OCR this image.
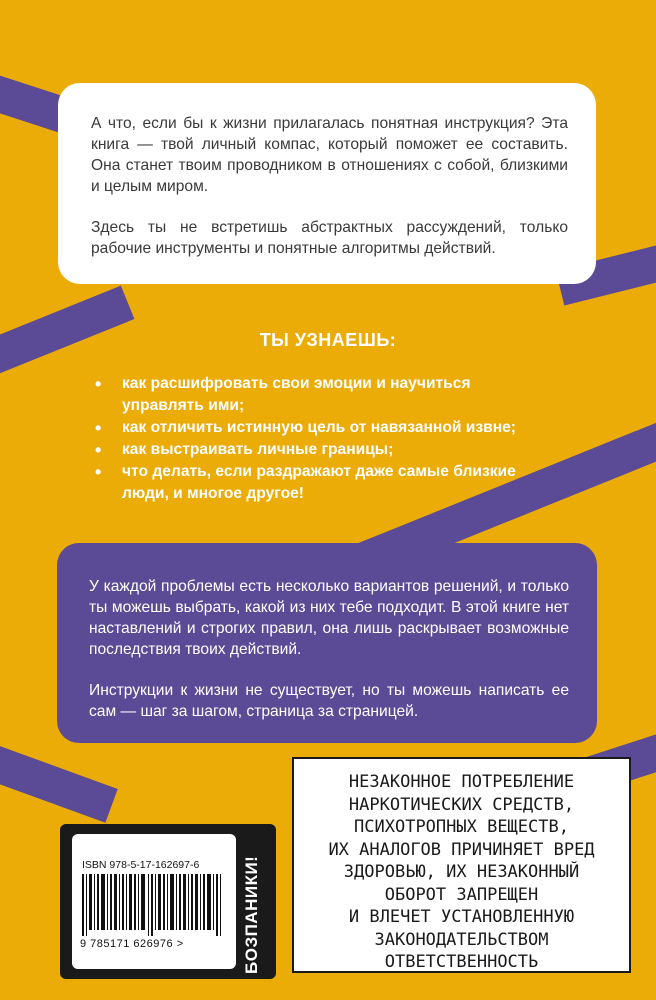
А что, если бы к жизни прилагалась понятная инструкция? Эта книга — твой личный компас, который поможет ее составить. Она станет твоим проводником в отношениях с собой, близкими и целым миром.

Здесь ты не встретишь абстрактных рассуждений, только рабочие инструменты и понятные алгоритмы действий.

ТЫ УЗНАЕШЬ:
• как расшифровать свои эмоции и научиться управлять ими;
• как отличить истинную цель от навязанной извне;
• как выстраивать личные границы;
• что делать, если раздражают даже самые близкие люди, и многое другое!

У каждой проблемы есть несколько вариантов решений, и только ты можешь выбрать, какой из них тебе подходит. В этой книге нет наставлений и строгих правил, она лишь раскрывает возможные последствия твоих действий.

Инструкции к жизни не существует, но ты можешь написать ее сам — шаг за шагом, страница за страницей.

ISBN 978-5-17-162697-6
9 785171 626976 >	БОЗПАНИКИ!
НЕЗАКОННОЕ ПОТРЕБЛЕНИЕ
НАРКОТИЧЕСКИХ СРЕДСТВ,
ПСИХОТРОПНЫХ ВЕЩЕСТВ,
ИХ АНАЛОГОВ ПРИЧИНЯЕТ ВРЕД
ЗДОРОВЬЮ, ИХ НЕЗАКОННЫЙ
ОБОРОТ ЗАПРЕЩЕН
И ВЛЕЧЕТ УСТАНОВЛЕННУЮ
ЗАКОНОДАТЕЛЬСТВОМ
ОТВЕТСТВЕННОСТЬ
